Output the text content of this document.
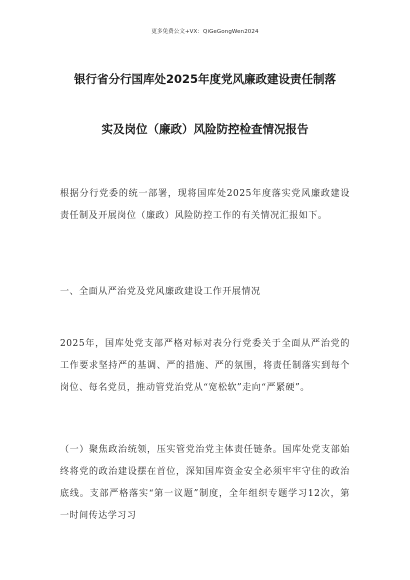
更多免费公文+VX：QiGeGongWen2024
银行省分行国库处2025年度党风廉政建设责任制落
实及岗位（廉政）风险防控检查情况报告
根据分行党委的统一部署，现将国库处2025年度落实党风廉政建设责任制及开展岗位（廉政）风险防控工作的有关情况汇报如下。
一、全面从严治党及党风廉政建设工作开展情况
2025年，国库处党支部严格对标对表分行党委关于全面从严治党的工作要求坚持严的基调、严的措施、严的氛围，将责任制落实到每个岗位、每名党员，推动管党治党从“宽松软”走向“严紧硬”。
（一）聚焦政治统领，压实管党治党主体责任链条。国库处党支部始终将党的政治建设摆在首位，深知国库资金安全必须牢牢守住的政治底线。支部严格落实“第一议题”制度，全年组织专题学习12次，第一时间传达学习习
